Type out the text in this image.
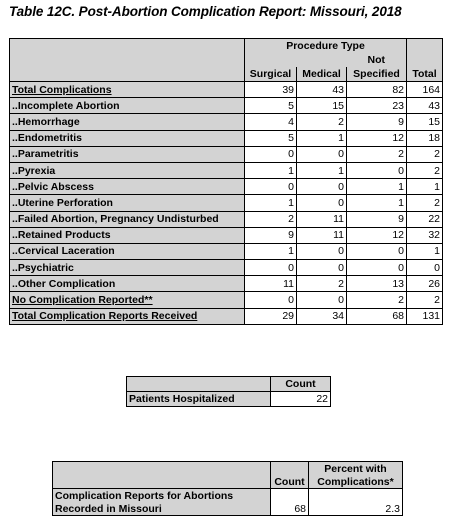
Table 12C. Post-Abortion Complication Report: Missouri, 2018
	Procedure Type			
			Not	
	Surgical	Medical	Specified	Total
Total Complications	39	43	82	164
..Incomplete Abortion	5	15	23	43
..Hemorrhage	4	2	9	15
..Endometritis	5	1	12	18
..Parametritis	0	0	2	2
..Pyrexia	1	1	0	2
..Pelvic Abscess	0	0	1	1
..Uterine Perforation	1	0	1	2
..Failed Abortion, Pregnancy Undisturbed	2	11	9	22
..Retained Products	9	11	12	32
..Cervical Laceration	1	0	0	1
..Psychiatric	0	0	0	0
..Other Complication	11	2	13	26
No Complication Reported**	0	0	2	2
Total Complication Reports Received	29	34	68	131
	Count
Patients Hospitalized	22
		Percent with
	Count	Complications*
Complication Reports for Abortions		
Recorded in Missouri	68	2.3
